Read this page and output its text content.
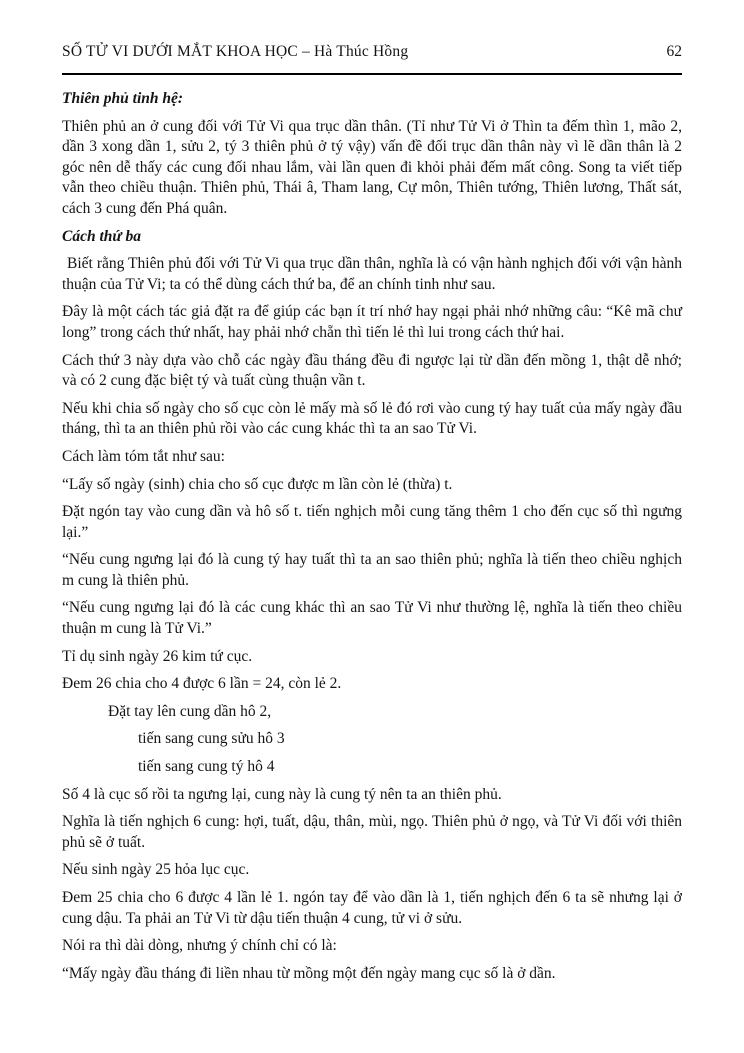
SỐ TỬ VI DƯỚI MẮT KHOA HỌC – Hà Thúc Hồng	62

Thiên phủ tinh hệ:

Thiên phủ an ở cung đối với Tử Vi qua trục dần thân. (Tỉ như Tử Vi ở Thìn ta đếm thìn 1, mão 2, dần 3 xong dần 1, sửu 2, tý 3 thiên phủ ở tý vậy) vấn đề đối trục dần thân này vì lẽ dần thân là 2 góc nên dễ thấy các cung đối nhau lắm, vài lần quen đi khỏi phải đếm mất công. Song ta viết tiếp vẫn theo chiều thuận. Thiên phủ, Thái â, Tham lang, Cự môn, Thiên tướng, Thiên lương, Thất sát, cách 3 cung đến Phá quân.

Cách thứ ba

Biết rằng Thiên phủ đối với Tử Vi qua trục dần thân, nghĩa là có vận hành nghịch đối với vận hành thuận của Tử Vi; ta có thể dùng cách thứ ba, để an chính tinh như sau.

Đây là một cách tác giả đặt ra để giúp các bạn ít trí nhớ hay ngại phải nhớ những câu: “Kê mã chư long” trong cách thứ nhất, hay phải nhớ chẵn thì tiến lẻ thì lui trong cách thứ hai.

Cách thứ 3 này dựa vào chỗ các ngày đầu tháng đều đi ngược lại từ dần đến mồng 1, thật dễ nhớ; và có 2 cung đặc biệt tý và tuất cùng thuận vần t.

Nếu khi chia số ngày cho số cục còn lẻ mấy mà số lẻ đó rơi vào cung tý hay tuất của mấy ngày đầu tháng, thì ta an thiên phủ rồi vào các cung khác thì ta an sao Tử Vi.

Cách làm tóm tắt như sau:

“Lấy số ngày (sinh) chia cho số cục được m lần còn lẻ (thừa) t.

Đặt ngón tay vào cung dần và hô số t. tiến nghịch mỗi cung tăng thêm 1 cho đến cục số thì ngưng lại.”

“Nếu cung ngưng lại đó là cung tý hay tuất thì ta an sao thiên phủ; nghĩa là tiến theo chiều nghịch m cung là thiên phủ.

“Nếu cung ngưng lại đó là các cung khác thì an sao Tử Vi như thường lệ, nghĩa là tiến theo chiều thuận m cung là Tử Vi.”

Tỉ dụ sinh ngày 26 kim tứ cục.

Đem 26 chia cho 4 được 6 lần = 24, còn lẻ 2.

Đặt tay lên cung dần hô 2,

tiến sang cung sửu hô 3

tiến sang cung tý hô 4

Số 4 là cục số rồi ta ngưng lại, cung này là cung tý nên ta an thiên phủ.

Nghĩa là tiến nghịch 6 cung: hợi, tuất, dậu, thân, mùi, ngọ. Thiên phủ ở ngọ, và Tử Vi đối với thiên phủ sẽ ở tuất.

Nếu sinh ngày 25 hỏa lục cục.

Đem 25 chia cho 6 được 4 lần lẻ 1. ngón tay để vào dần là 1, tiến nghịch đến 6 ta sẽ nhưng lại ở cung dậu. Ta phải an Tử Vi từ dậu tiến thuận 4 cung, tử vi ở sửu.

Nói ra thì dài dòng, nhưng ý chính chỉ có là:

“Mấy ngày đầu tháng đi liền nhau từ mồng một đến ngày mang cục số là ở dần.
